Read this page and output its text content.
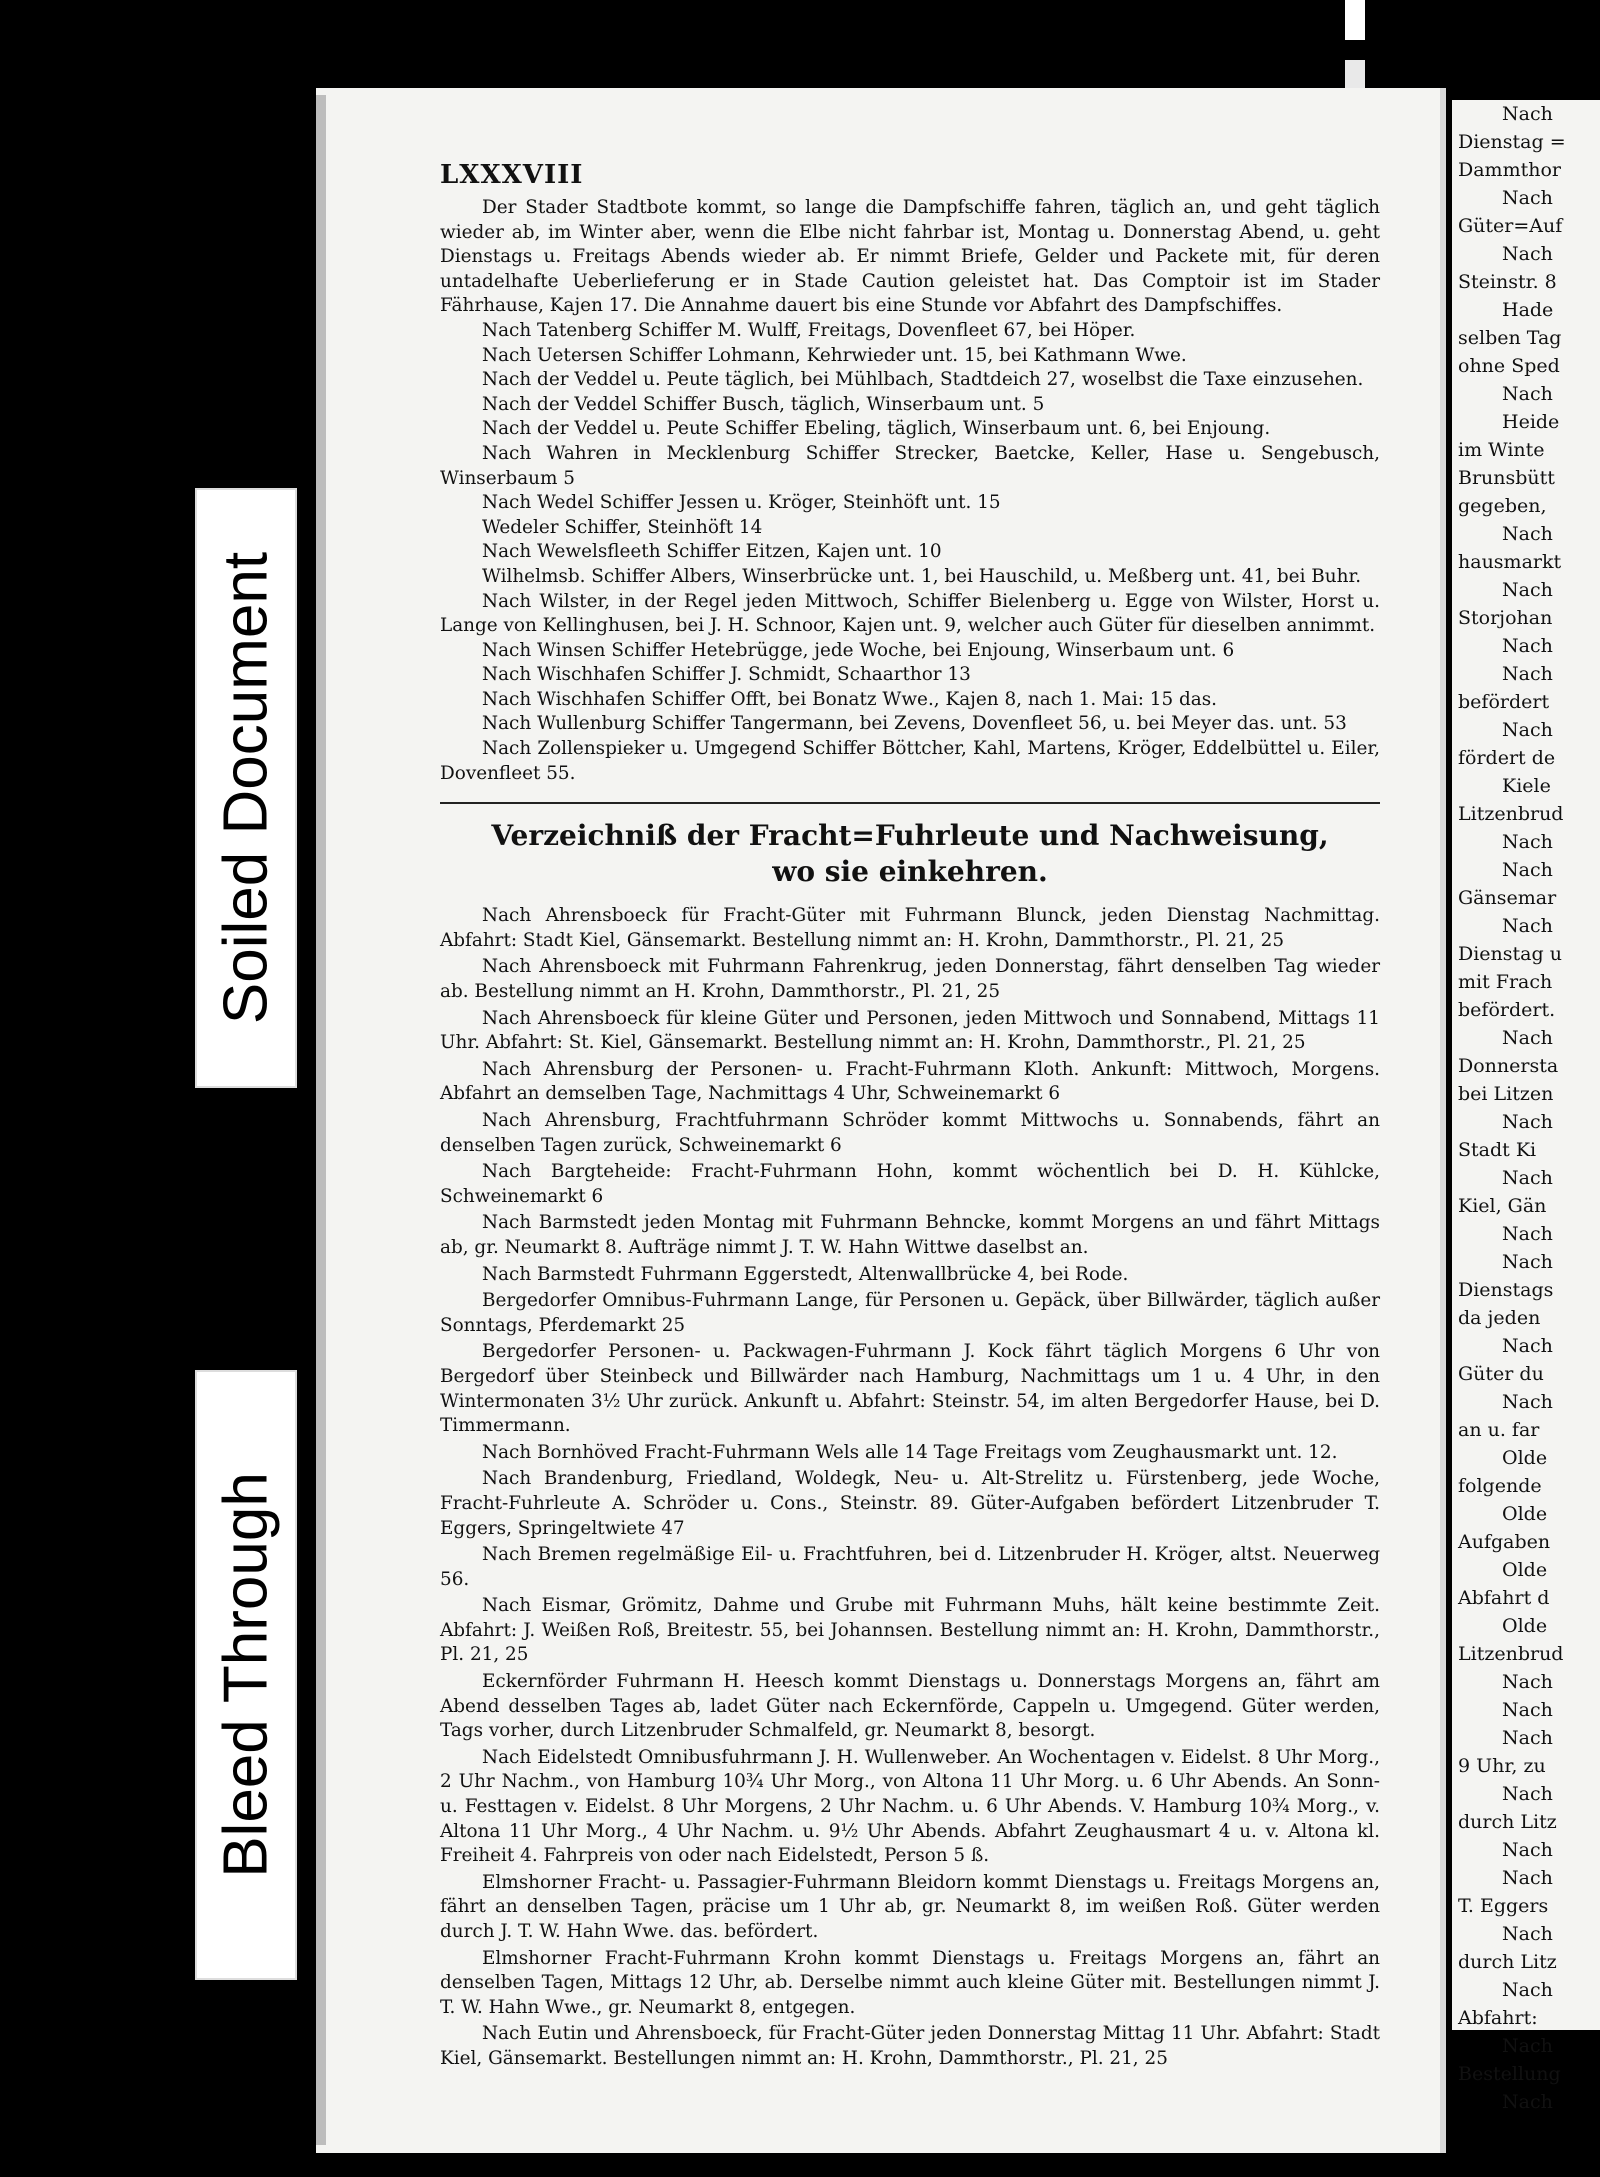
Soiled Document
Bleed Through
Nach
Dienstag =
Dammthor
Nach
Güter=Auf
Nach
Steinstr. 8
Hade
selben Tag
ohne Sped
Nach
Heide
im Winte
Brunsbütt
gegeben,
Nach
hausmarkt
Nach
Storjohan
Nach
Nach
befördert
Nach
fördert de
Kiele
Litzenbrud
Nach
Nach
Gänsemar
Nach
Dienstag u
mit Frach
befördert.
Nach
Donnersta
bei Litzen
Nach
Stadt Ki
Nach
Kiel, Gän
Nach
Nach
Dienstags
da jeden
Nach
Güter du
Nach
an u. far
Olde
folgende
Olde
Aufgaben
Olde
Abfahrt d
Olde
Litzenbrud
Nach
Nach
Nach
9 Uhr, zu
Nach
durch Litz
Nach
Nach
T. Eggers
Nach
durch Litz
Nach
Abfahrt:
Nach
Bestellung
Nach
LXXXVIII

Der Stader Stadtbote kommt, so lange die Dampfschiffe fahren, täglich an, und geht täglich wieder ab, im Winter aber, wenn die Elbe nicht fahrbar ist, Montag u. Donnerstag Abend, u. geht Dienstags u. Freitags Abends wieder ab. Er nimmt Briefe, Gelder und Packete mit, für deren untadelhafte Ueberlieferung er in Stade Caution geleistet hat. Das Comptoir ist im Stader Fährhause, Kajen 17. Die Annahme dauert bis eine Stunde vor Abfahrt des Dampfschiffes.

Nach Tatenberg Schiffer M. Wulff, Freitags, Dovenfleet 67, bei Höper.

Nach Uetersen Schiffer Lohmann, Kehrwieder unt. 15, bei Kathmann Wwe.

Nach der Veddel u. Peute täglich, bei Mühlbach, Stadtdeich 27, woselbst die Taxe einzusehen.

Nach der Veddel Schiffer Busch, täglich, Winserbaum unt. 5

Nach der Veddel u. Peute Schiffer Ebeling, täglich, Winserbaum unt. 6, bei Enjoung.

Nach Wahren in Mecklenburg Schiffer Strecker, Baetcke, Keller, Hase u. Sengebusch, Winserbaum 5

Nach Wedel Schiffer Jessen u. Kröger, Steinhöft unt. 15

Wedeler Schiffer, Steinhöft 14

Nach Wewelsfleeth Schiffer Eitzen, Kajen unt. 10

Wilhelmsb. Schiffer Albers, Winserbrücke unt. 1, bei Hauschild, u. Meßberg unt. 41, bei Buhr.

Nach Wilster, in der Regel jeden Mittwoch, Schiffer Bielenberg u. Egge von Wilster, Horst u. Lange von Kellinghusen, bei J. H. Schnoor, Kajen unt. 9, welcher auch Güter für dieselben annimmt.

Nach Winsen Schiffer Hetebrügge, jede Woche, bei Enjoung, Winserbaum unt. 6

Nach Wischhafen Schiffer J. Schmidt, Schaarthor 13

Nach Wischhafen Schiffer Offt, bei Bonatz Wwe., Kajen 8, nach 1. Mai: 15 das.

Nach Wullenburg Schiffer Tangermann, bei Zevens, Dovenfleet 56, u. bei Meyer das. unt. 53

Nach Zollenspieker u. Umgegend Schiffer Böttcher, Kahl, Martens, Kröger, Eddelbüttel u. Eiler, Dovenfleet 55.

Verzeichniß der Fracht=Fuhrleute und Nachweisung,
wo sie einkehren.

Nach Ahrensboeck für Fracht-Güter mit Fuhrmann Blunck, jeden Dienstag Nachmittag. Abfahrt: Stadt Kiel, Gänsemarkt. Bestellung nimmt an: H. Krohn, Dammthorstr., Pl. 21, 25

Nach Ahrensboeck mit Fuhrmann Fahrenkrug, jeden Donnerstag, fährt denselben Tag wieder ab. Bestellung nimmt an H. Krohn, Dammthorstr., Pl. 21, 25

Nach Ahrensboeck für kleine Güter und Personen, jeden Mittwoch und Sonnabend, Mittags 11 Uhr. Abfahrt: St. Kiel, Gänsemarkt. Bestellung nimmt an: H. Krohn, Dammthorstr., Pl. 21, 25

Nach Ahrensburg der Personen- u. Fracht-Fuhrmann Kloth. Ankunft: Mittwoch, Morgens. Abfahrt an demselben Tage, Nachmittags 4 Uhr, Schweinemarkt 6

Nach Ahrensburg, Frachtfuhrmann Schröder kommt Mittwochs u. Sonnabends, fährt an denselben Tagen zurück, Schweinemarkt 6

Nach Bargteheide: Fracht-Fuhrmann Hohn, kommt wöchentlich bei D. H. Kühlcke, Schweinemarkt 6

Nach Barmstedt jeden Montag mit Fuhrmann Behncke, kommt Morgens an und fährt Mittags ab, gr. Neumarkt 8. Aufträge nimmt J. T. W. Hahn Wittwe daselbst an.

Nach Barmstedt Fuhrmann Eggerstedt, Altenwallbrücke 4, bei Rode.

Bergedorfer Omnibus-Fuhrmann Lange, für Personen u. Gepäck, über Billwärder, täglich außer Sonntags, Pferdemarkt 25

Bergedorfer Personen- u. Packwagen-Fuhrmann J. Kock fährt täglich Morgens 6 Uhr von Bergedorf über Steinbeck und Billwärder nach Hamburg, Nachmittags um 1 u. 4 Uhr, in den Wintermonaten 3½ Uhr zurück. Ankunft u. Abfahrt: Steinstr. 54, im alten Bergedorfer Hause, bei D. Timmermann.

Nach Bornhöved Fracht-Fuhrmann Wels alle 14 Tage Freitags vom Zeughausmarkt unt. 12.

Nach Brandenburg, Friedland, Woldegk, Neu- u. Alt-Strelitz u. Fürstenberg, jede Woche, Fracht-Fuhrleute A. Schröder u. Cons., Steinstr. 89. Güter-Aufgaben befördert Litzenbruder T. Eggers, Springeltwiete 47

Nach Bremen regelmäßige Eil- u. Frachtfuhren, bei d. Litzenbruder H. Kröger, altst. Neuerweg 56.

Nach Eismar, Grömitz, Dahme und Grube mit Fuhrmann Muhs, hält keine bestimmte Zeit. Abfahrt: J. Weißen Roß, Breitestr. 55, bei Johannsen. Bestellung nimmt an: H. Krohn, Dammthorstr., Pl. 21, 25

Eckernförder Fuhrmann H. Heesch kommt Dienstags u. Donnerstags Morgens an, fährt am Abend desselben Tages ab, ladet Güter nach Eckernförde, Cappeln u. Umgegend. Güter werden, Tags vorher, durch Litzenbruder Schmalfeld, gr. Neumarkt 8, besorgt.

Nach Eidelstedt Omnibusfuhrmann J. H. Wullenweber. An Wochentagen v. Eidelst. 8 Uhr Morg., 2 Uhr Nachm., von Hamburg 10¾ Uhr Morg., von Altona 11 Uhr Morg. u. 6 Uhr Abends. An Sonn- u. Festtagen v. Eidelst. 8 Uhr Morgens, 2 Uhr Nachm. u. 6 Uhr Abends. V. Hamburg 10¾ Morg., v. Altona 11 Uhr Morg., 4 Uhr Nachm. u. 9½ Uhr Abends. Abfahrt Zeughausmart 4 u. v. Altona kl. Freiheit 4. Fahrpreis von oder nach Eidelstedt, Person 5 ß.

Elmshorner Fracht- u. Passagier-Fuhrmann Bleidorn kommt Dienstags u. Freitags Morgens an, fährt an denselben Tagen, präcise um 1 Uhr ab, gr. Neumarkt 8, im weißen Roß. Güter werden durch J. T. W. Hahn Wwe. das. befördert.

Elmshorner Fracht-Fuhrmann Krohn kommt Dienstags u. Freitags Morgens an, fährt an denselben Tagen, Mittags 12 Uhr, ab. Derselbe nimmt auch kleine Güter mit. Bestellungen nimmt J. T. W. Hahn Wwe., gr. Neumarkt 8, entgegen.

Nach Eutin und Ahrensboeck, für Fracht-Güter jeden Donnerstag Mittag 11 Uhr. Abfahrt: Stadt Kiel, Gänsemarkt. Bestellungen nimmt an: H. Krohn, Dammthorstr., Pl. 21, 25
